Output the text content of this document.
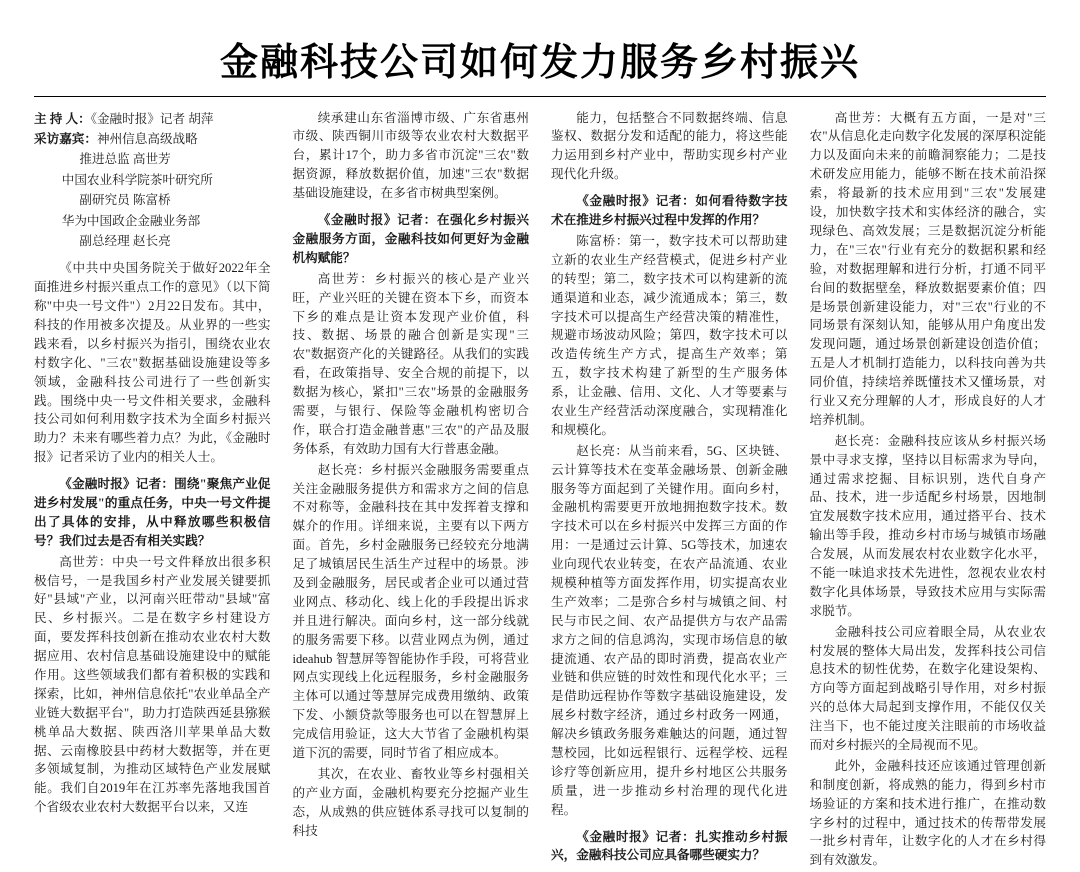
金融科技公司如何发力服务乡村振兴
主 持 人：《金融时报》记者 胡萍
采访嘉宾：神州信息高级战略
推进总监 高世芳
中国农业科学院茶叶研究所
副研究员 陈富桥
华为中国政企金融业务部
副总经理 赵长亮

《中共中央国务院关于做好2022年全面推进乡村振兴重点工作的意见》（以下简称"中央一号文件"）2月22日发布。其中，科技的作用被多次提及。从业界的一些实践来看，以乡村振兴为指引，围绕农业农村数字化、"三农"数据基础设施建设等多领域，金融科技公司进行了一些创新实践。围绕中央一号文件相关要求，金融科技公司如何利用数字技术为全面乡村振兴助力？未来有哪些着力点？为此，《金融时报》记者采访了业内的相关人士。

《金融时报》记者：围绕"聚焦产业促进乡村发展"的重点任务，中央一号文件提出了具体的安排，从中释放哪些积极信号？我们过去是否有相关实践？

高世芳：中央一号文件释放出很多积极信号，一是我国乡村产业发展关键要抓好"县域"产业，以河南兴旺带动"县域"富民、乡村振兴。二是在数字乡村建设方面，要发挥科技创新在推动农业农村大数据应用、农村信息基础设施建设中的赋能作用。这些领域我们都有着积极的实践和探索，比如，神州信息依托"农业单品全产业链大数据平台"，助力打造陕西延县猕猴桃单品大数据、陕西洛川苹果单品大数据、云南橡胶县中药材大数据等，并在更多领域复制，为推动区域特色产业发展赋能。我们自2019年在江苏率先落地我国首个省级农业农村大数据平台以来，又连

续承建山东省淄博市级、广东省惠州市级、陕西铜川市级等农业农村大数据平台，累计17个，助力多省市沉淀"三农"数据资源，释放数据价值，加速"三农"数据基础设施建设，在多省市树典型案例。

《金融时报》记者：在强化乡村振兴金融服务方面，金融科技如何更好为金融机构赋能？

高世芳：乡村振兴的核心是产业兴旺，产业兴旺的关键在资本下乡，而资本下乡的难点是让资本发现产业价值，科技、数据、场景的融合创新是实现"三农"数据资产化的关键路径。从我们的实践看，在政策指导、安全合规的前提下，以数据为核心，紧扣"三农"场景的金融服务需要，与银行、保险等金融机构密切合作，联合打造金融普惠"三农"的产品及服务体系，有效助力国有大行普惠金融。

赵长亮：乡村振兴金融服务需要重点关注金融服务提供方和需求方之间的信息不对称等，金融科技在其中发挥着支撑和媒介的作用。详细来说，主要有以下两方面。首先，乡村金融服务已经较充分地满足了城镇居民生活生产过程中的场景。涉及到金融服务，居民或者企业可以通过营业网点、移动化、线上化的手段提出诉求并且进行解决。面向乡村，这一部分线就的服务需要下移。以营业网点为例，通过 ideahub 智慧屏等智能协作手段，可将营业网点实现线上化远程服务，乡村金融服务主体可以通过等慧屏完成费用缴纳、政策下发、小额贷款等服务也可以在智慧屏上完成信用验证，这大大节省了金融机构渠道下沉的需要，同时节省了相应成本。

其次，在农业、畜牧业等乡村强相关的产业方面，金融机构要充分挖掘产业生态，从成熟的供应链体系寻找可以复制的科技

能力，包括整合不同数据终端、信息鉴权、数据分发和适配的能力，将这些能力运用到乡村产业中，帮助实现乡村产业现代化升级。

《金融时报》记者：如何看待数字技术在推进乡村振兴过程中发挥的作用？

陈富桥：第一，数字技术可以帮助建立新的农业生产经营模式，促进乡村产业的转型；第二，数字技术可以构建新的流通渠道和业态，减少流通成本；第三，数字技术可以提高生产经营决策的精准性，规避市场波动风险；第四，数字技术可以改造传统生产方式，提高生产效率；第五，数字技术构建了新型的生产服务体系，让金融、信用、文化、人才等要素与农业生产经营活动深度融合，实现精准化和规模化。

赵长亮：从当前来看，5G、区块链、云计算等技术在变革金融场景、创新金融服务等方面起到了关键作用。面向乡村，金融机构需要更开放地拥抱数字技术。数字技术可以在乡村振兴中发挥三方面的作用：一是通过云计算、5G等技术，加速农业向现代农业转变，在农产品流通、农业规模种植等方面发挥作用，切实提高农业生产效率；二是弥合乡村与城镇之间、村民与市民之间、农产品提供方与农产品需求方之间的信息鸿沟，实现市场信息的敏捷流通、农产品的即时消费，提高农业产业链和供应链的时效性和现代化水平；三是借助远程协作等数字基础设施建设，发展乡村数字经济，通过乡村政务一网通，解决乡镇政务服务难触达的问题，通过智慧校园，比如远程银行、远程学校、远程诊疗等创新应用，提升乡村地区公共服务质量，进一步推动乡村治理的现代化进程。

《金融时报》记者：扎实推动乡村振兴，金融科技公司应具备哪些硬实力？

高世芳：大概有五方面，一是对"三农"从信息化走向数字化发展的深厚积淀能力以及面向未来的前瞻洞察能力；二是技术研发应用能力，能够不断在技术前沿探索，将最新的技术应用到"三农"发展建设，加快数字技术和实体经济的融合，实现绿色、高效发展；三是数据沉淀分析能力，在"三农"行业有充分的数据积累和经验，对数据理解和进行分析，打通不同平台间的数据壁垒，释放数据要素价值；四是场景创新建设能力，对"三农"行业的不同场景有深刻认知，能够从用户角度出发发现问题，通过场景创新建设创造价值；五是人才机制打造能力，以科技向善为共同价值，持续培养既懂技术又懂场景，对行业又充分理解的人才，形成良好的人才培养机制。

赵长亮：金融科技应该从乡村振兴场景中寻求支撑，坚持以目标需求为导向，通过需求挖掘、目标识别，迭代自身产品、技术，进一步适配乡村场景，因地制宜发展数字技术应用，通过搭平台、技术输出等手段，推动乡村市场与城镇市场融合发展，从而发展农村农业数字化水平，不能一味追求技术先进性，忽视农业农村数字化具体场景，导致技术应用与实际需求脱节。

金融科技公司应着眼全局，从农业农村发展的整体大局出发，发挥科技公司信息技术的韧性优势，在数字化建设架构、方向等方面起到战略引导作用，对乡村振兴的总体大局起到支撑作用，不能仅仅关注当下，也不能过度关注眼前的市场收益而对乡村振兴的全局视而不见。

此外，金融科技还应该通过管理创新和制度创新，将成熟的能力，得到乡村市场验证的方案和技术进行推广，在推动数字乡村的过程中，通过技术的传帮带发展一批乡村青年，让数字化的人才在乡村得到有效激发。
